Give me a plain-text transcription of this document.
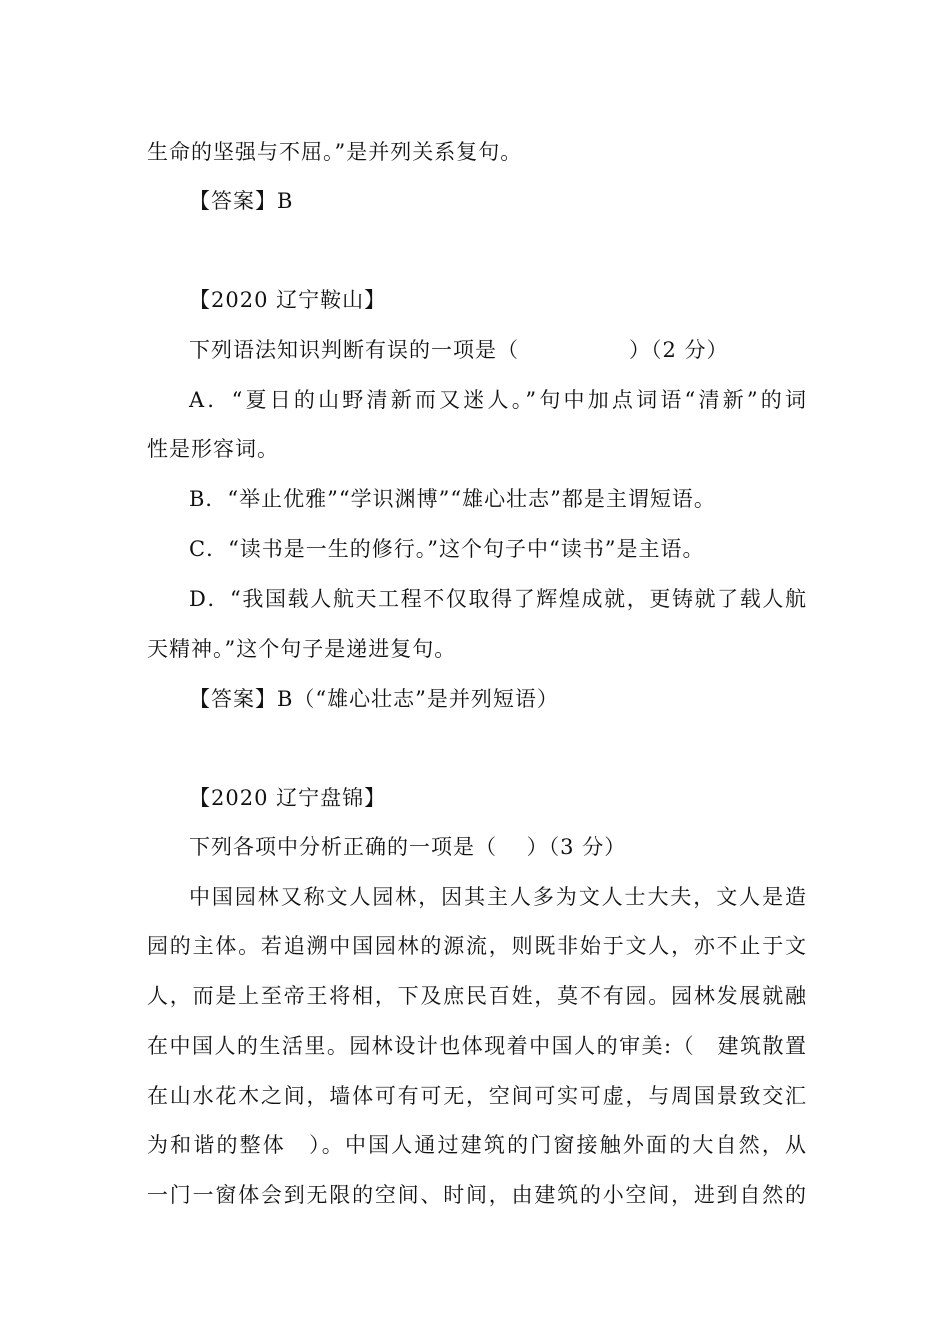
生命的坚强与不屈。”是并列关系复句。
【答案】B
【2020 辽宁鞍山】
下列语法知识判断有误的一项是（　　　　　）（2 分）
A．“夏日的山野清新而又迷人。”句中加点词语“清新”的词
性是形容词。
B．“举止优雅”“学识渊博”“雄心壮志”都是主谓短语。
C．“读书是一生的修行。”这个句子中“读书”是主语。
D．“我国载人航天工程不仅取得了辉煌成就，更铸就了载人航
天精神。”这个句子是递进复句。
【答案】B（“雄心壮志”是并列短语）
【2020 辽宁盘锦】
下列各项中分析正确的一项是（　 ）（3 分）
中国园林又称文人园林，因其主人多为文人士大夫，文人是造
园的主体。若追溯中国园林的源流，则既非始于文人，亦不止于文
人，而是上至帝王将相，下及庶民百姓，莫不有园。园林发展就融
在中国人的生活里。园林设计也体现着中国人的审美:（　建筑散置
在山水花木之间，墙体可有可无，空间可实可虚，与周国景致交汇
为和谐的整体　）。中国人通过建筑的门窗接触外面的大自然，从
一门一窗体会到无限的空间、时间，由建筑的小空间，进到自然的
